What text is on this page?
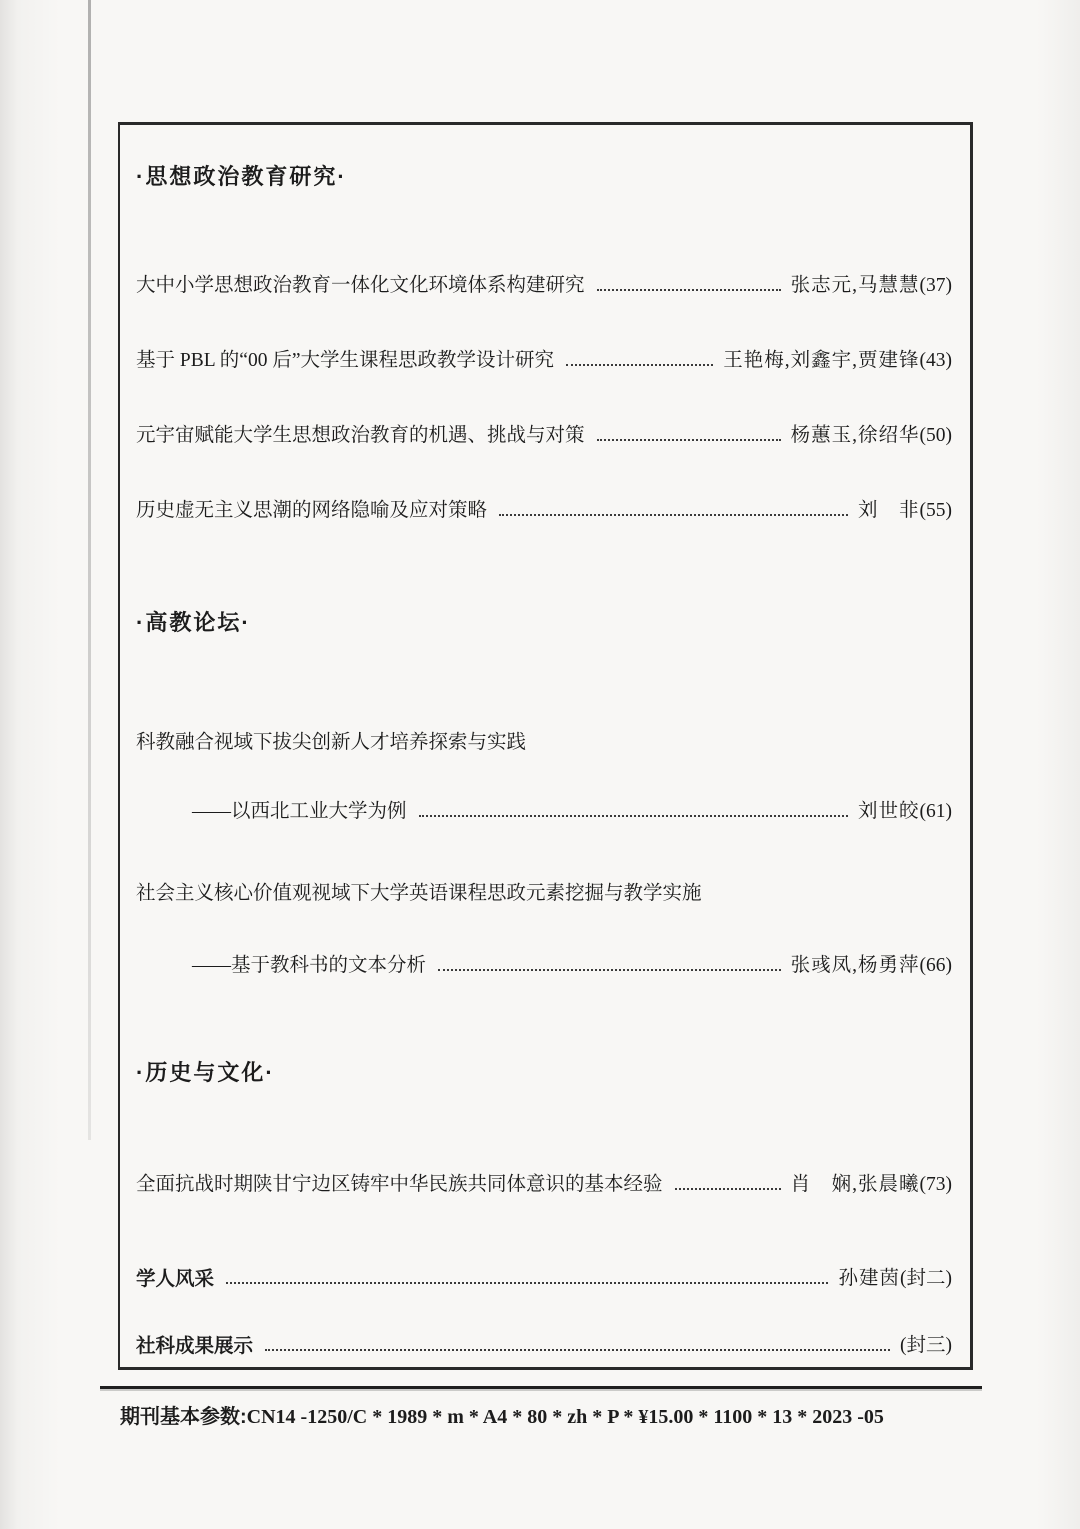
·思想政治教育研究·
大中小学思想政治教育一体化文化环境体系构建研究	张志元,马慧慧 (37)
基于 PBL 的“00 后”大学生课程思政教学设计研究	王艳梅,刘鑫宇,贾建锋 (43)
元宇宙赋能大学生思想政治教育的机遇、挑战与对策	杨蕙玉,徐绍华 (50)
历史虚无主义思潮的网络隐喻及应对策略	刘　非 (55)
·高教论坛·
科教融合视域下拔尖创新人才培养探索与实践
——以西北工业大学为例	刘世皎 (61)
社会主义核心价值观视域下大学英语课程思政元素挖掘与教学实施
——基于教科书的文本分析	张彧凤,杨勇萍 (66)
·历史与文化·
全面抗战时期陕甘宁边区铸牢中华民族共同体意识的基本经验	肖　娴,张晨曦 (73)
学人风采	孙建茵 (封二)
社科成果展示	(封三)
期刊基本参数:CN14 -1250/C * 1989 * m * A4 * 80 * zh * P * ¥15.00 * 1100 * 13 * 2023 -05
